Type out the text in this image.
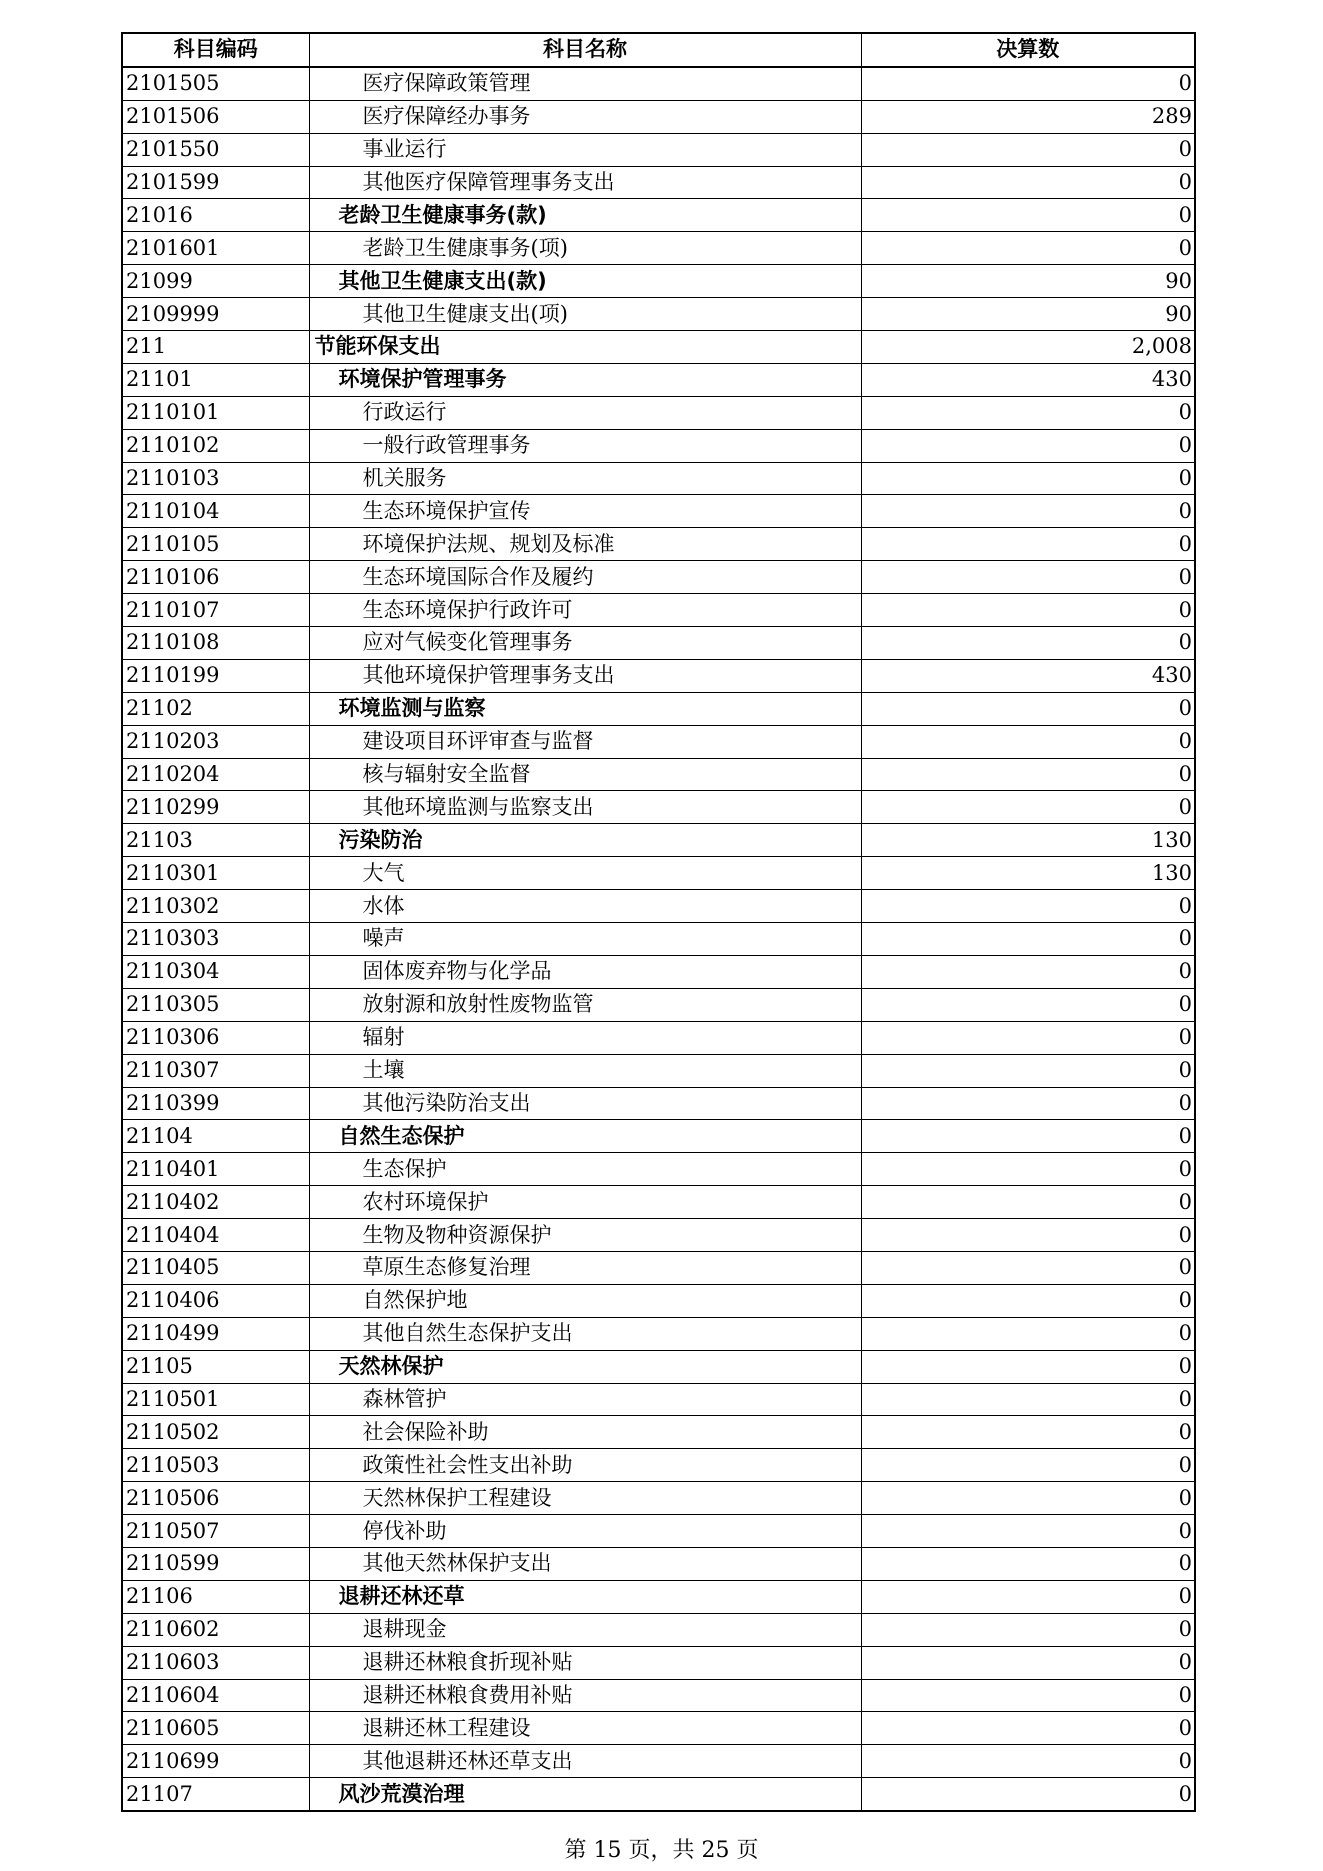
科目编码	科目名称	决算数
2101505	医疗保障政策管理	0
2101506	医疗保障经办事务	289
2101550	事业运行	0
2101599	其他医疗保障管理事务支出	0
21016	老龄卫生健康事务(款)	0
2101601	老龄卫生健康事务(项)	0
21099	其他卫生健康支出(款)	90
2109999	其他卫生健康支出(项)	90
211	节能环保支出	2,008
21101	环境保护管理事务	430
2110101	行政运行	0
2110102	一般行政管理事务	0
2110103	机关服务	0
2110104	生态环境保护宣传	0
2110105	环境保护法规、规划及标准	0
2110106	生态环境国际合作及履约	0
2110107	生态环境保护行政许可	0
2110108	应对气候变化管理事务	0
2110199	其他环境保护管理事务支出	430
21102	环境监测与监察	0
2110203	建设项目环评审查与监督	0
2110204	核与辐射安全监督	0
2110299	其他环境监测与监察支出	0
21103	污染防治	130
2110301	大气	130
2110302	水体	0
2110303	噪声	0
2110304	固体废弃物与化学品	0
2110305	放射源和放射性废物监管	0
2110306	辐射	0
2110307	土壤	0
2110399	其他污染防治支出	0
21104	自然生态保护	0
2110401	生态保护	0
2110402	农村环境保护	0
2110404	生物及物种资源保护	0
2110405	草原生态修复治理	0
2110406	自然保护地	0
2110499	其他自然生态保护支出	0
21105	天然林保护	0
2110501	森林管护	0
2110502	社会保险补助	0
2110503	政策性社会性支出补助	0
2110506	天然林保护工程建设	0
2110507	停伐补助	0
2110599	其他天然林保护支出	0
21106	退耕还林还草	0
2110602	退耕现金	0
2110603	退耕还林粮食折现补贴	0
2110604	退耕还林粮食费用补贴	0
2110605	退耕还林工程建设	0
2110699	其他退耕还林还草支出	0
21107	风沙荒漠治理	0
第 15 页，共 25 页
